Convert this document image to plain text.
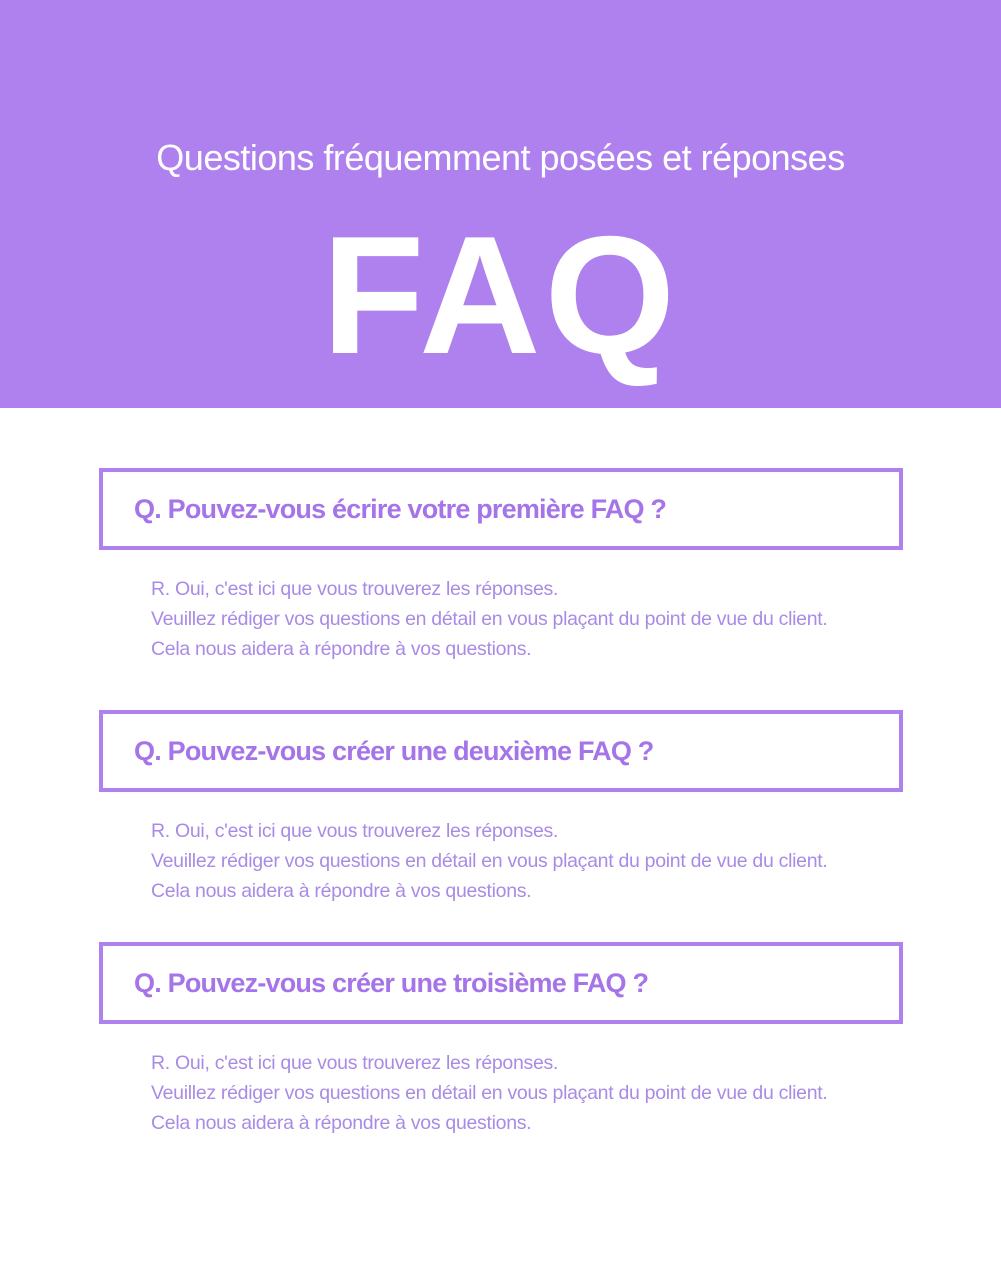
Questions fréquemment posées et réponses
FAQ
Q. Pouvez-vous écrire votre première FAQ ?
R. Oui, c'est ici que vous trouverez les réponses.
Veuillez rédiger vos questions en détail en vous plaçant du point de vue du client.
Cela nous aidera à répondre à vos questions.
Q. Pouvez-vous créer une deuxième FAQ ?
R. Oui, c'est ici que vous trouverez les réponses.
Veuillez rédiger vos questions en détail en vous plaçant du point de vue du client.
Cela nous aidera à répondre à vos questions.
Q. Pouvez-vous créer une troisième FAQ ?
R. Oui, c'est ici que vous trouverez les réponses.
Veuillez rédiger vos questions en détail en vous plaçant du point de vue du client.
Cela nous aidera à répondre à vos questions.
